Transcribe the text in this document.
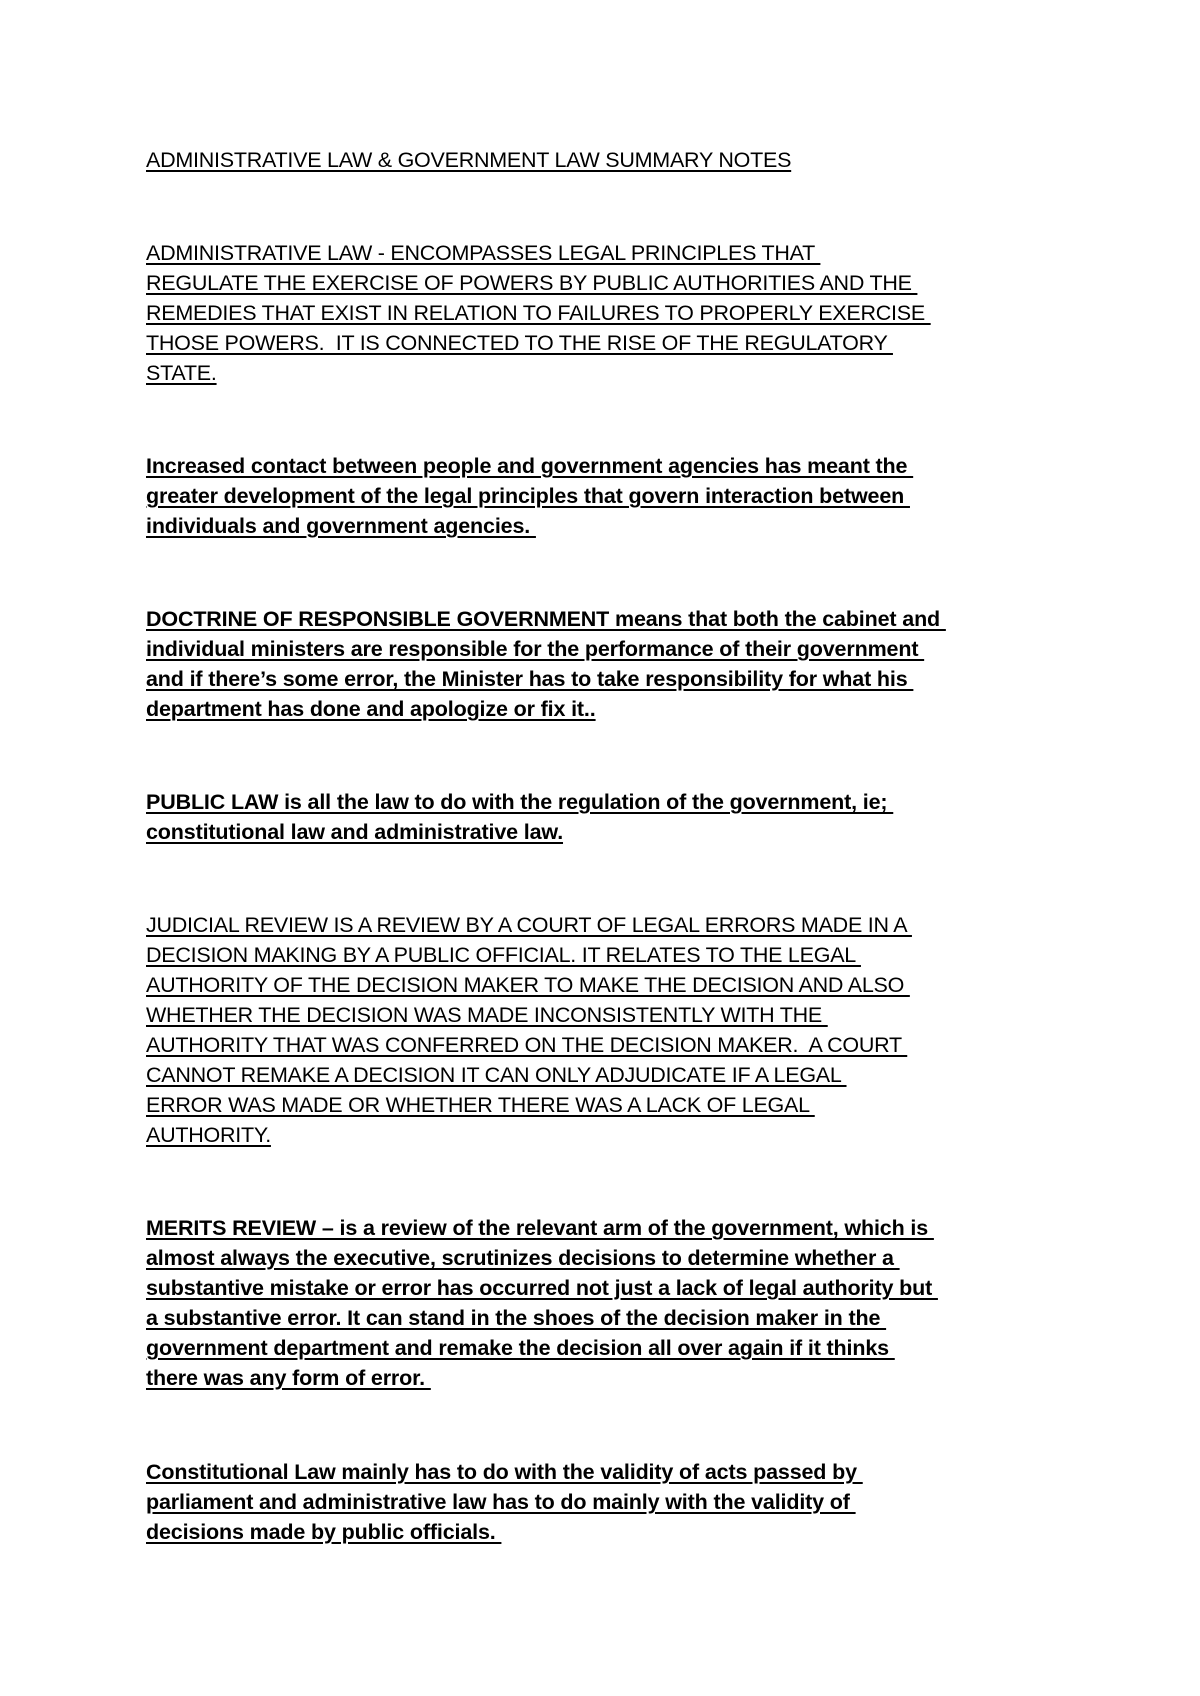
ADMINISTRATIVE LAW & GOVERNMENT LAW SUMMARY NOTES
ADMINISTRATIVE LAW - ENCOMPASSES LEGAL PRINCIPLES THAT
REGULATE THE EXERCISE OF POWERS BY PUBLIC AUTHORITIES AND THE
REMEDIES THAT EXIST IN RELATION TO FAILURES TO PROPERLY EXERCISE
THOSE POWERS.  IT IS CONNECTED TO THE RISE OF THE REGULATORY
STATE.
Increased contact between people and government agencies has meant the
greater development of the legal principles that govern interaction between
individuals and government agencies.
DOCTRINE OF RESPONSIBLE GOVERNMENT means that both the cabinet and
individual ministers are responsible for the performance of their government
and if there’s some error, the Minister has to take responsibility for what his
department has done and apologize or fix it..
PUBLIC LAW is all the law to do with the regulation of the government, ie;
constitutional law and administrative law.
JUDICIAL REVIEW IS A REVIEW BY A COURT OF LEGAL ERRORS MADE IN A
DECISION MAKING BY A PUBLIC OFFICIAL. IT RELATES TO THE LEGAL
AUTHORITY OF THE DECISION MAKER TO MAKE THE DECISION AND ALSO
WHETHER THE DECISION WAS MADE INCONSISTENTLY WITH THE
AUTHORITY THAT WAS CONFERRED ON THE DECISION MAKER.  A COURT
CANNOT REMAKE A DECISION IT CAN ONLY ADJUDICATE IF A LEGAL
ERROR WAS MADE OR WHETHER THERE WAS A LACK OF LEGAL
AUTHORITY.
MERITS REVIEW – is a review of the relevant arm of the government, which is
almost always the executive, scrutinizes decisions to determine whether a
substantive mistake or error has occurred not just a lack of legal authority but
a substantive error. It can stand in the shoes of the decision maker in the
government department and remake the decision all over again if it thinks
there was any form of error.
Constitutional Law mainly has to do with the validity of acts passed by
parliament and administrative law has to do mainly with the validity of
decisions made by public officials.
